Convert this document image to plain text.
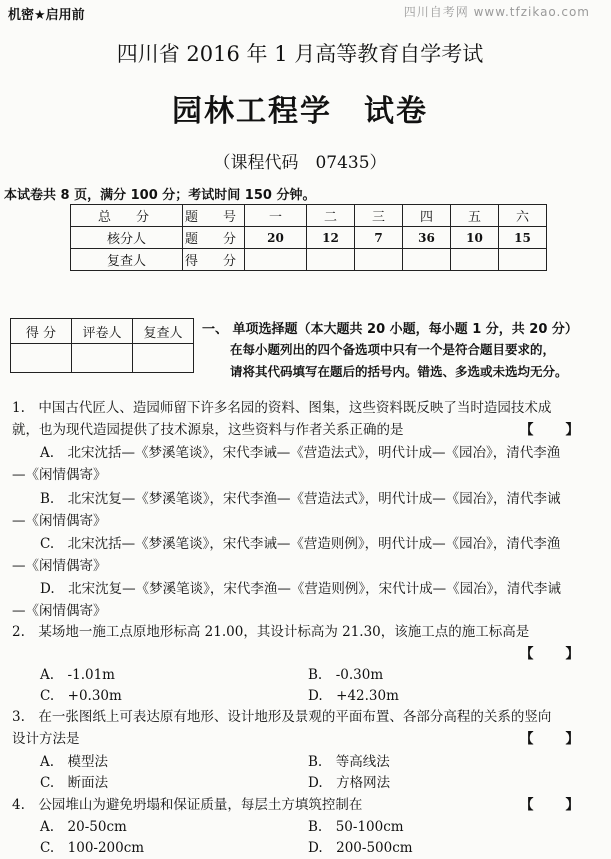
机密★启用前	四川自考网 www.tfzikao.com
四川省 2016 年 1 月高等教育自学考试
园林工程学　试卷
（课程代码　07435）
本试卷共 8 页，满分 100 分；考试时间 150 分钟。
总　分	题　号	一	二	三	四	五	六
核分人	题　分	20	12	7	36	10	15
复查人	得　分						
得 分	评卷人	复查人
		一、 单项选择题（本大题共 20 小题，每小题 1 分，共 20 分）
在每小题列出的四个备选项中只有一个是符合题目要求的，
请将其代码填写在题后的括号内。错选、多选或未选均无分。
1.　中国古代匠人、造园师留下许多名园的资料、图集，这些资料既反映了当时造园技术成
就，也为现代造园提供了技术源泉，这些资料与作者关系正确的是	【】
A.　北宋沈括—《梦溪笔谈》，宋代李诫—《营造法式》，明代计成—《园冶》，清代李渔
—《闲情偶寄》
B.　北宋沈复—《梦溪笔谈》，宋代李渔—《营造法式》，明代计成—《园冶》，清代李诫
—《闲情偶寄》
C.　北宋沈括—《梦溪笔谈》，宋代李诫—《营造则例》，明代计成—《园冶》，清代李渔
—《闲情偶寄》
D.　北宋沈复—《梦溪笔谈》，宋代李渔—《营造则例》，宋代计成—《园冶》，清代李诫
—《闲情偶寄》
2.　某场地一施工点原地形标高 21.00，其设计标高为 21.30，该施工点的施工标高是
【】
A.　-1.01m	B.　-0.30m
C.　+0.30m	D.　+42.30m
3.　在一张图纸上可表达原有地形、设计地形及景观的平面布置、各部分高程的关系的竖向
设计方法是	【】
A.　模型法	B.　等高线法
C.　断面法	D.　方格网法
4.　公园堆山为避免坍塌和保证质量，每层土方填筑控制在	【】
A.　20-50cm	B.　50-100cm
C.　100-200cm	D.　200-500cm
